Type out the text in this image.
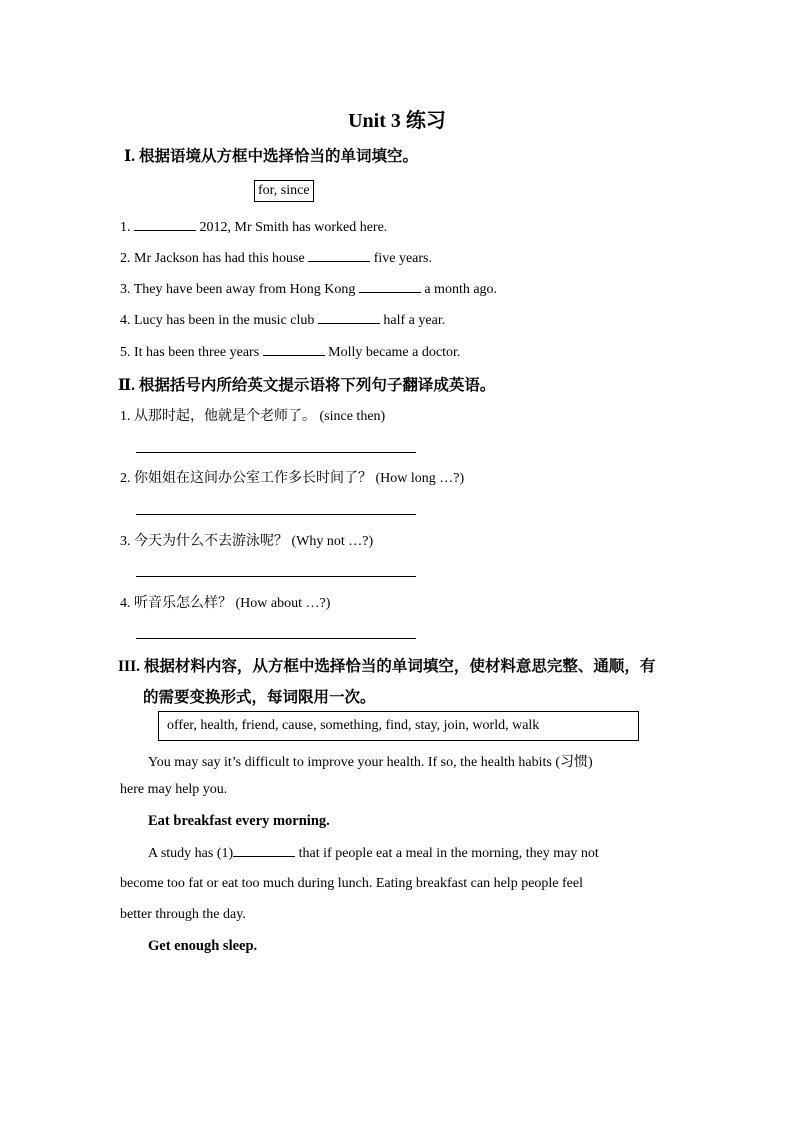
Unit 3 练习
Ⅰ. 根据语境从方框中选择恰当的单词填空。
for, since
1.	2012, Mr Smith has worked here.
2. Mr Jackson has had this house	five years.
3. They have been away from Hong Kong	a month ago.
4. Lucy has been in the music club	half a year.
5. It has been three years	Molly became a doctor.
Ⅱ. 根据括号内所给英文提示语将下列句子翻译成英语。
1. 从那时起，他就是个老师了。 (since then)
2. 你姐姐在这间办公室工作多长时间了？ (How long …?)
3. 今天为什么不去游泳呢？ (Why not …?)
4. 听音乐怎么样？ (How about …?)
III. 根据材料内容，从方框中选择恰当的单词填空，使材料意思完整、通顺，有
的需要变换形式，每词限用一次。
offer, health, friend, cause, something, find, stay, join, world, walk
You may say it’s difficult to improve your health. If so, the health habits (习惯)
here may help you.
Eat breakfast every morning.
A study has (1)	that if people eat a meal in the morning, they may not
become too fat or eat too much during lunch. Eating breakfast can help people feel
better through the day.
Get enough sleep.
